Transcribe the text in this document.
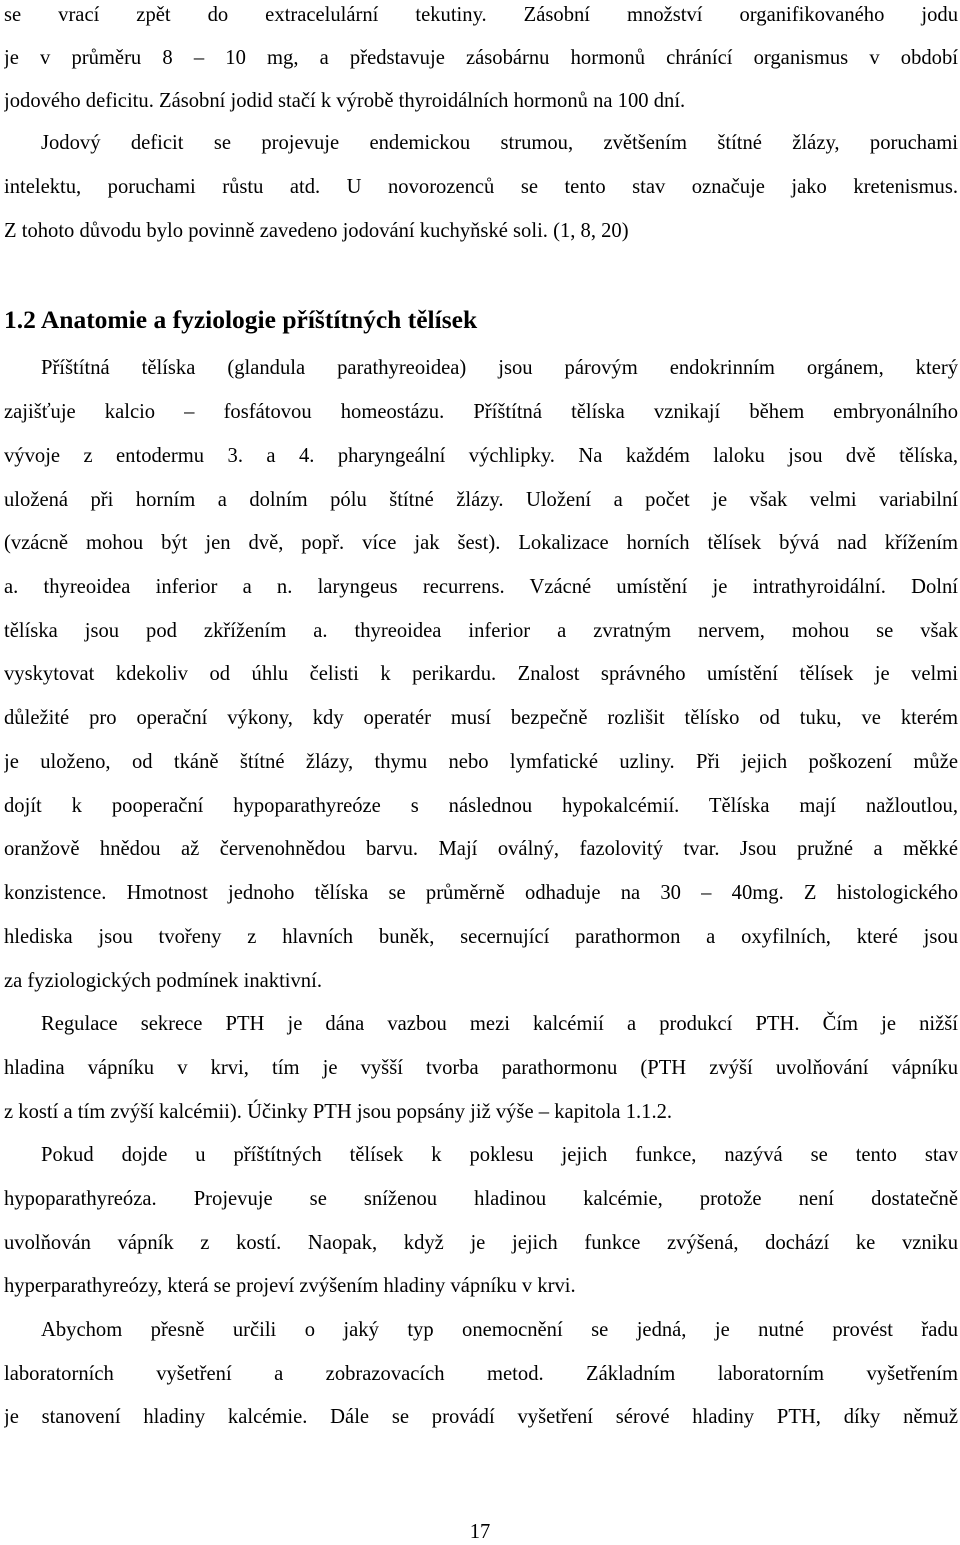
se vrací zpět do extracelulární tekutiny. Zásobní množství organifikovaného jodu
je v průměru 8 – 10 mg, a představuje zásobárnu hormonů chránící organismus v období
jodového deficitu. Zásobní jodid stačí k výrobě thyroidálních hormonů na 100 dní.
Jodový deficit se projevuje endemickou strumou, zvětšením štítné žlázy, poruchami
intelektu, poruchami růstu atd. U novorozenců se tento stav označuje jako kretenismus.
Z tohoto důvodu bylo povinně zavedeno jodování kuchyňské soli. (1, 8, 20)
1.2 Anatomie a fyziologie příštítných tělísek
Příštítná tělíska (glandula parathyreoidea) jsou párovým endokrinním orgánem, který
zajišťuje kalcio – fosfátovou homeostázu. Příštítná tělíska vznikají během embryonálního
vývoje z entodermu 3. a 4. pharyngeální výchlipky. Na každém laloku jsou dvě tělíska,
uložená při horním a dolním pólu štítné žlázy. Uložení a počet je však velmi variabilní
(vzácně mohou být jen dvě, popř. více jak šest). Lokalizace horních tělísek bývá nad křížením
a. thyreoidea inferior a n. laryngeus recurrens. Vzácné umístění je intrathyroidální. Dolní
tělíska jsou pod zkřížením a. thyreoidea inferior a zvratným nervem, mohou se však
vyskytovat kdekoliv od úhlu čelisti k perikardu. Znalost správného umístění tělísek je velmi
důležité pro operační výkony, kdy operatér musí bezpečně rozlišit tělísko od tuku, ve kterém
je uloženo, od tkáně štítné žlázy, thymu nebo lymfatické uzliny. Při jejich poškození může
dojít k pooperační hypoparathyreóze s následnou hypokalcémií. Tělíska mají nažloutlou,
oranžově hnědou až červenohnědou barvu. Mají oválný, fazolovitý tvar. Jsou pružné a měkké
konzistence. Hmotnost jednoho tělíska se průměrně odhaduje na 30 – 40mg. Z histologického
hlediska jsou tvořeny z hlavních buněk, secernující parathormon a oxyfilních, které jsou
za fyziologických podmínek inaktivní.
Regulace sekrece PTH je dána vazbou mezi kalcémií a produkcí PTH. Čím je nižší
hladina vápníku v krvi, tím je vyšší tvorba parathormonu (PTH zvýší uvolňování vápníku
z kostí a tím zvýší kalcémii). Účinky PTH jsou popsány již výše – kapitola 1.1.2.
Pokud dojde u příštítných tělísek k poklesu jejich funkce, nazývá se tento stav
hypoparathyreóza. Projevuje se sníženou hladinou kalcémie, protože není dostatečně
uvolňován vápník z kostí. Naopak, když je jejich funkce zvýšená, dochází ke vzniku
hyperparathyreózy, která se projeví zvýšením hladiny vápníku v krvi.
Abychom přesně určili o jaký typ onemocnění se jedná, je nutné provést řadu
laboratorních vyšetření a zobrazovacích metod. Základním laboratorním vyšetřením
je stanovení hladiny kalcémie. Dále se provádí vyšetření sérové hladiny PTH, díky němuž
17
